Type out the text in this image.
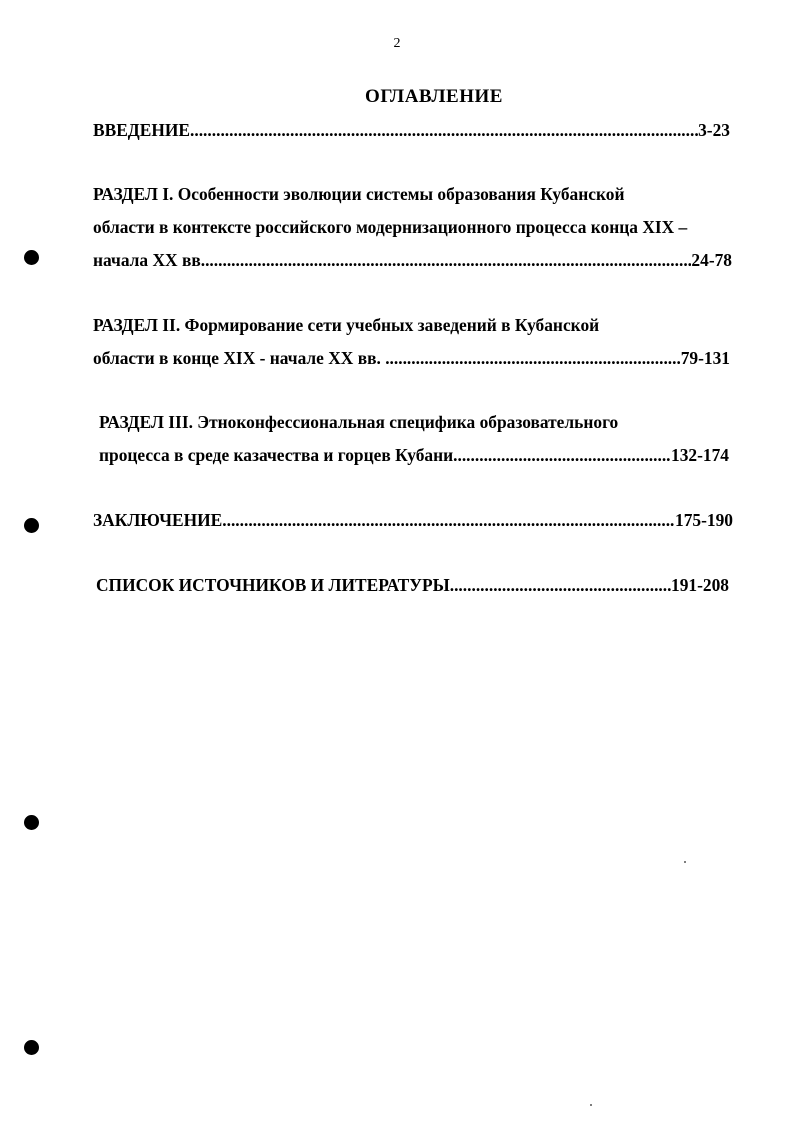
2
ОГЛАВЛЕНИЕ
ВВЕДЕНИЕ .....	3-23
РАЗДЕЛ I. Особенности эволюции системы образования Кубанской
области в контексте российского модернизационного процесса конца XIX –
начала XX вв .....	24-78
РАЗДЕЛ II. Формирование сети учебных заведений в Кубанской
области в конце XIX - начале XX вв. .....	79-131
РАЗДЕЛ III. Этноконфессиональная специфика образовательного
процесса в среде казачества и горцев Кубани .....	132-174
ЗАКЛЮЧЕНИЕ .....	175-190
СПИСОК ИСТОЧНИКОВ И ЛИТЕРАТУРЫ .....	191-208
